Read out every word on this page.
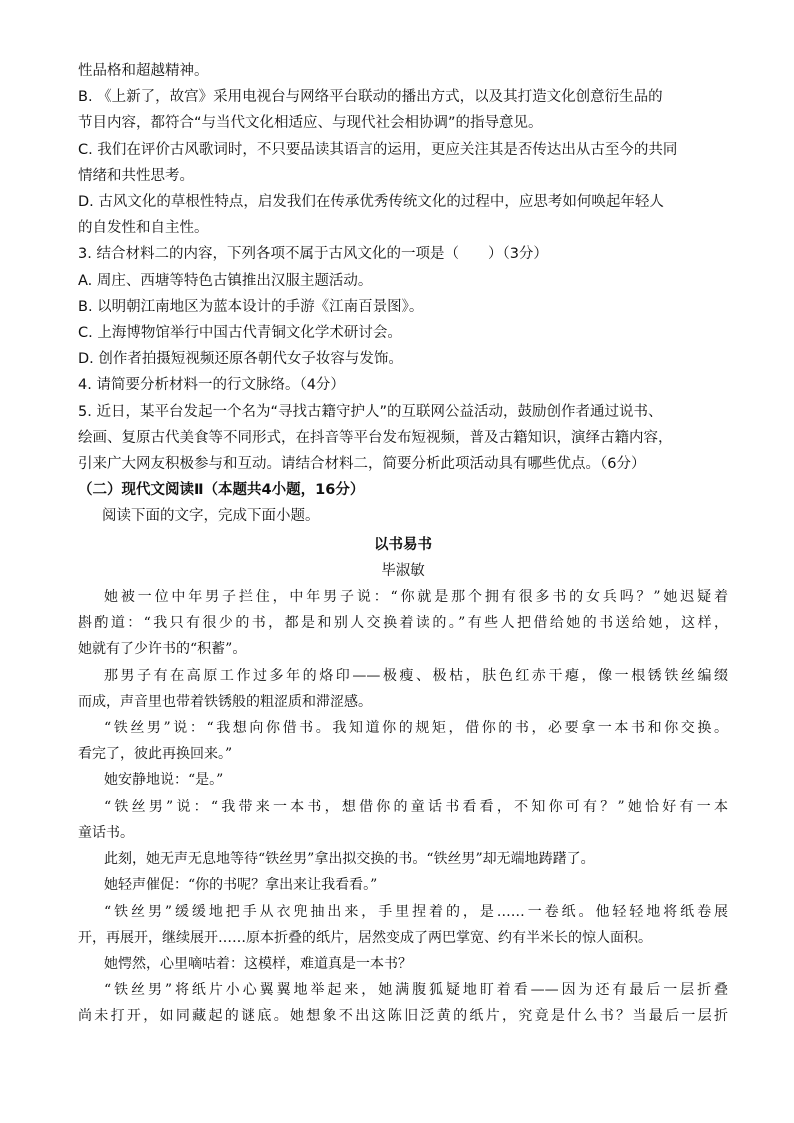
性品格和超越精神。
B. 《上新了，故宫》采用电视台与网络平台联动的播出方式，以及其打造文化创意衍生品的
节目内容，都符合“与当代文化相适应、与现代社会相协调”的指导意见。
C. 我们在评价古风歌词时，不只要品读其语言的运用，更应关注其是否传达出从古至今的共同
情绪和共性思考。
D. 古风文化的草根性特点，启发我们在传承优秀传统文化的过程中，应思考如何唤起年轻人
的自发性和自主性。
3. 结合材料二的内容，下列各项不属于古风文化的一项是（　　）（3分）
A. 周庄、西塘等特色古镇推出汉服主题活动。
B. 以明朝江南地区为蓝本设计的手游《江南百景图》。
C. 上海博物馆举行中国古代青铜文化学术研讨会。
D. 创作者拍摄短视频还原各朝代女子妆容与发饰。
4. 请简要分析材料一的行文脉络。（4分）
5. 近日，某平台发起一个名为“寻找古籍守护人”的互联网公益活动，鼓励创作者通过说书、
绘画、复原古代美食等不同形式，在抖音等平台发布短视频，普及古籍知识，演绎古籍内容，
引来广大网友积极参与和互动。请结合材料二，简要分析此项活动具有哪些优点。（6分）
（二）现代文阅读Ⅱ（本题共4小题，16分）
阅读下面的文字，完成下面小题。
以书易书
毕淑敏
她被一位中年男子拦住，中年男子说：“你就是那个拥有很多书的女兵吗？”她迟疑着
斟酌道：“我只有很少的书，都是和别人交换着读的。”有些人把借给她的书送给她，这样，
她就有了少许书的“积蓄”。
那男子有在高原工作过多年的烙印——极瘦、极枯，肤色红赤干瘪，像一根锈铁丝编缀
而成，声音里也带着铁锈般的粗涩质和滞涩感。
“铁丝男”说：“我想向你借书。我知道你的规矩，借你的书，必要拿一本书和你交换。
看完了，彼此再换回来。”
她安静地说：“是。”
“铁丝男”说：“我带来一本书，想借你的童话书看看，不知你可有？”她恰好有一本
童话书。
此刻，她无声无息地等待“铁丝男”拿出拟交换的书。“铁丝男”却无端地踌躇了。
她轻声催促：“你的书呢？拿出来让我看看。”
“铁丝男”缓缓地把手从衣兜抽出来，手里捏着的，是……一卷纸。他轻轻地将纸卷展
开，再展开，继续展开……原本折叠的纸片，居然变成了两巴掌宽、约有半米长的惊人面积。
她愕然，心里嘀咕着：这模样，难道真是一本书？
“铁丝男”将纸片小心翼翼地举起来，她满腹狐疑地盯着看——因为还有最后一层折叠
尚未打开，如同藏起的谜底。她想象不出这陈旧泛黄的纸片，究竟是什么书？当最后一层折
